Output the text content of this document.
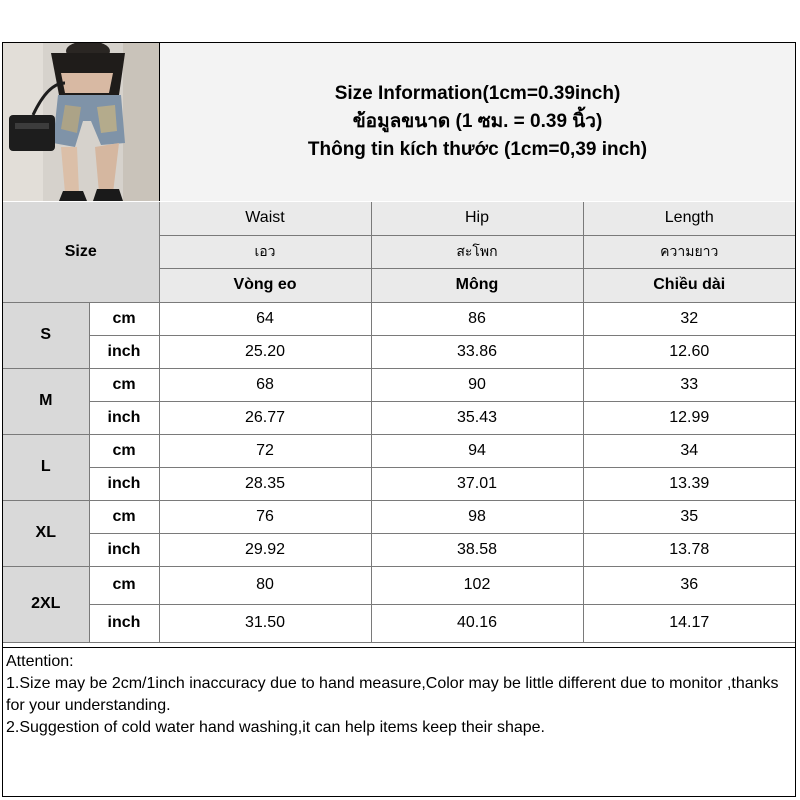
Size Information(1cm=0.39inch)
ข้อมูลขนาด (1 ซม. = 0.39 นิ้ว)
Thông tin kích thước (1cm=0,39 inch)
Size		Waist	Hip	Length
		เอว	สะโพก	ความยาว
		Vòng eo	Mông	Chiều dài
S	cm	64	86	32
	inch	25.20	33.86	12.60
M	cm	68	90	33
	inch	26.77	35.43	12.99
L	cm	72	94	34
	inch	28.35	37.01	13.39
XL	cm	76	98	35
	inch	29.92	38.58	13.78
2XL	cm	80	102	36
	inch	31.50	40.16	14.17
Attention:
1.Size may be 2cm/1inch inaccuracy due to hand measure,Color may be little different due to monitor ,thanks for your understanding.
2.Suggestion of cold water hand washing,it can help items keep their shape.
